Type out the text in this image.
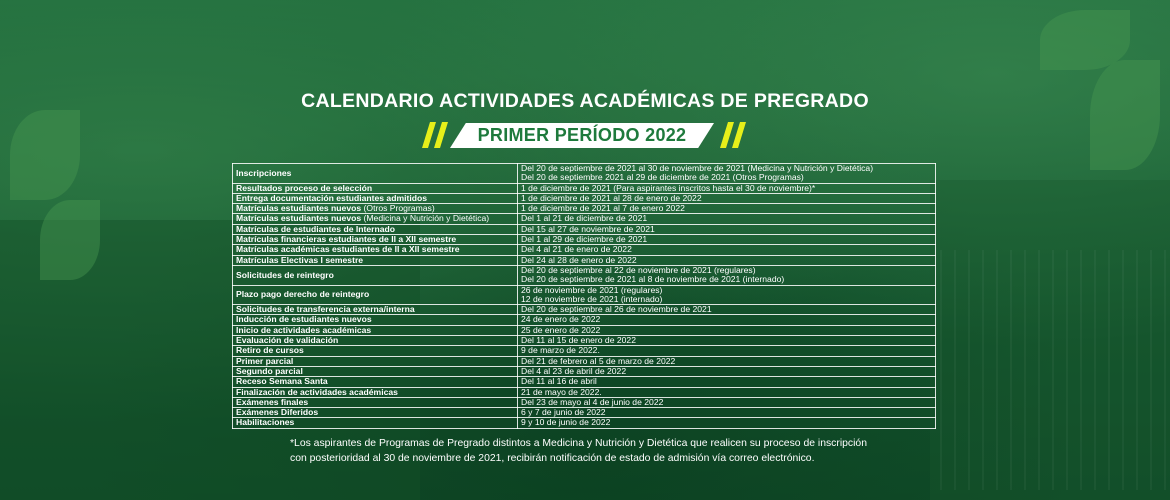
CALENDARIO ACTIVIDADES ACADÉMICAS DE PREGRADO
PRIMER PERÍODO 2022
Inscripciones	Del 20 de septiembre de 2021 al 30 de noviembre de 2021 (Medicina y Nutrición y Dietética)
Del 20 de septiembre 2021 al 29 de diciembre de 2021 (Otros Programas)

Resultados proceso de selección	1 de diciembre de 2021 (Para aspirantes inscritos hasta el 30 de noviembre)*

Entrega documentación estudiantes admitidos	1 de diciembre de 2021 al 28 de enero de 2022

Matrículas estudiantes nuevos (Otros Programas)	1 de diciembre de 2021 al 7 de enero 2022

Matrículas estudiantes nuevos (Medicina y Nutrición y Dietética)	Del 1 al 21 de diciembre de 2021

Matrículas de estudiantes de Internado	Del 15 al 27 de noviembre de 2021

Matrículas financieras estudiantes de II a XII semestre	Del 1 al 29 de diciembre de 2021

Matrículas académicas estudiantes de II a XII semestre	Del 4 al 21 de enero de 2022

Matrículas Electivas I semestre	Del 24 al 28 de enero de 2022

Solicitudes de reintegro	Del 20 de septiembre al 22 de noviembre de 2021 (regulares)
Del 20 de septiembre de 2021 al 8 de noviembre de 2021 (internado)

Plazo pago derecho de reintegro	26 de noviembre de 2021 (regulares)
12 de noviembre de 2021 (internado)

Solicitudes de transferencia externa/interna	Del 20 de septiembre al 26 de noviembre de 2021

Inducción de estudiantes nuevos	24 de enero de 2022

Inicio de actividades académicas	25 de enero de 2022

Evaluación de validación	Del 11 al 15 de enero de 2022

Retiro de cursos	9 de marzo de 2022.

Primer parcial	Del 21 de febrero al 5 de marzo de 2022

Segundo parcial	Del 4 al 23 de abril de 2022

Receso Semana Santa	Del 11 al 16 de abril

Finalización de actividades académicas	21 de mayo de 2022.

Exámenes finales	Del 23 de mayo al 4 de junio de 2022

Exámenes Diferidos	6 y 7 de junio de 2022

Habilitaciones	9 y 10 de junio de 2022
*Los aspirantes de Programas de Pregrado distintos a Medicina y Nutrición y Dietética que realicen su proceso de inscripción
con posterioridad al 30 de noviembre de 2021, recibirán notificación de estado de admisión vía correo electrónico.
